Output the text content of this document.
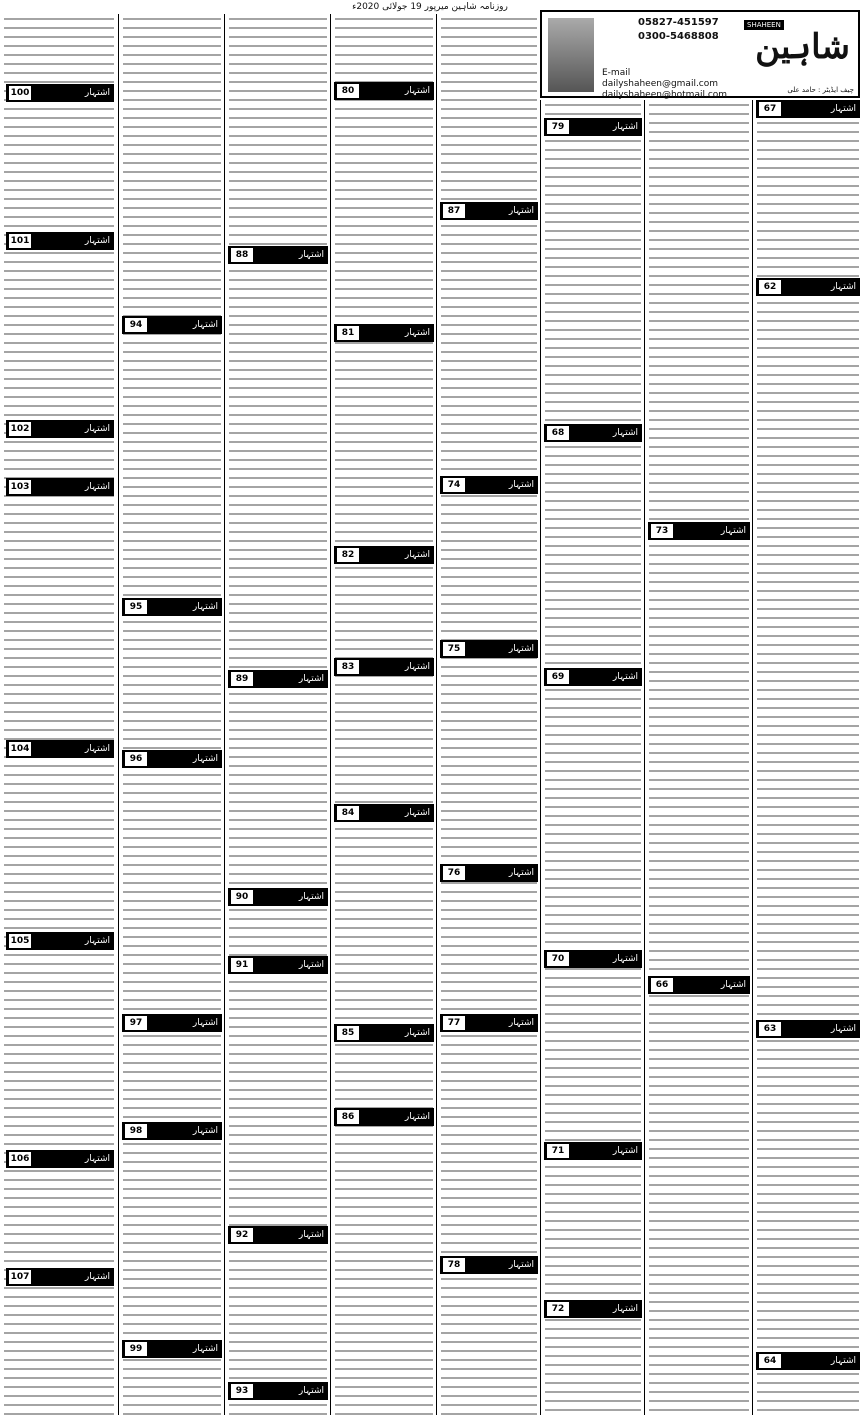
روزنامہ شاہین میرپور 19 جولائی 2020ء
05827-451597
0300-5468808
E-mail
dailyshaheen@gmail.com
dailyshaheen@hotmail.com
SHAHEEN
شاہین
چیف ایڈیٹر : حامد علی
100	اشتہار
101	اشتہار
102	اشتہار
103	اشتہار
104	اشتہار
105	اشتہار
106	اشتہار
107	اشتہار
94	اشتہار
95	اشتہار
96	اشتہار
97	اشتہار
98	اشتہار
99	اشتہار
88	اشتہار
89	اشتہار
90	اشتہار
91	اشتہار
92	اشتہار
93	اشتہار
80	اشتہار
81	اشتہار
82	اشتہار
83	اشتہار
84	اشتہار
85	اشتہار
86	اشتہار
87	اشتہار
74	اشتہار
75	اشتہار
76	اشتہار
77	اشتہار
78	اشتہار
79	اشتہار
68	اشتہار
69	اشتہار
70	اشتہار
71	اشتہار
72	اشتہار
73	اشتہار
66	اشتہار
67	اشتہار
62	اشتہار
63	اشتہار
64	اشتہار
